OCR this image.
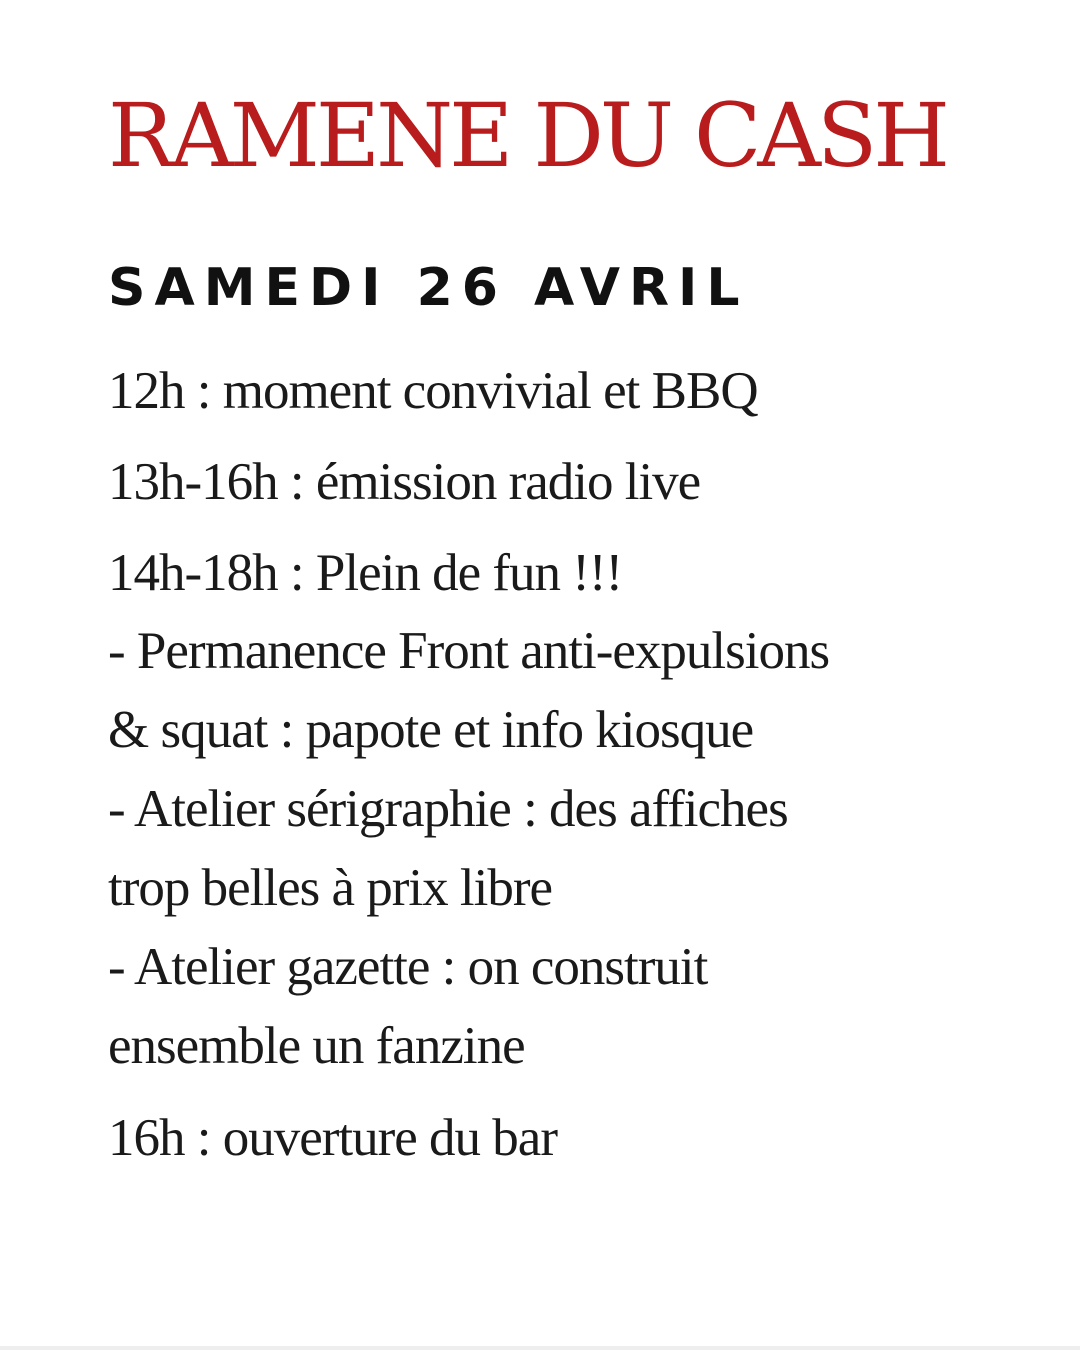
RAMENE DU CASH
SAMEDI 26 AVRIL
12h : moment convivial et BBQ
13h-16h : émission radio live
14h-18h : Plein de fun !!!
- Permanence Front anti-expulsions
& squat : papote et info kiosque
- Atelier sérigraphie : des affiches
trop belles à prix libre
- Atelier gazette : on construit
ensemble un fanzine
16h : ouverture du bar
